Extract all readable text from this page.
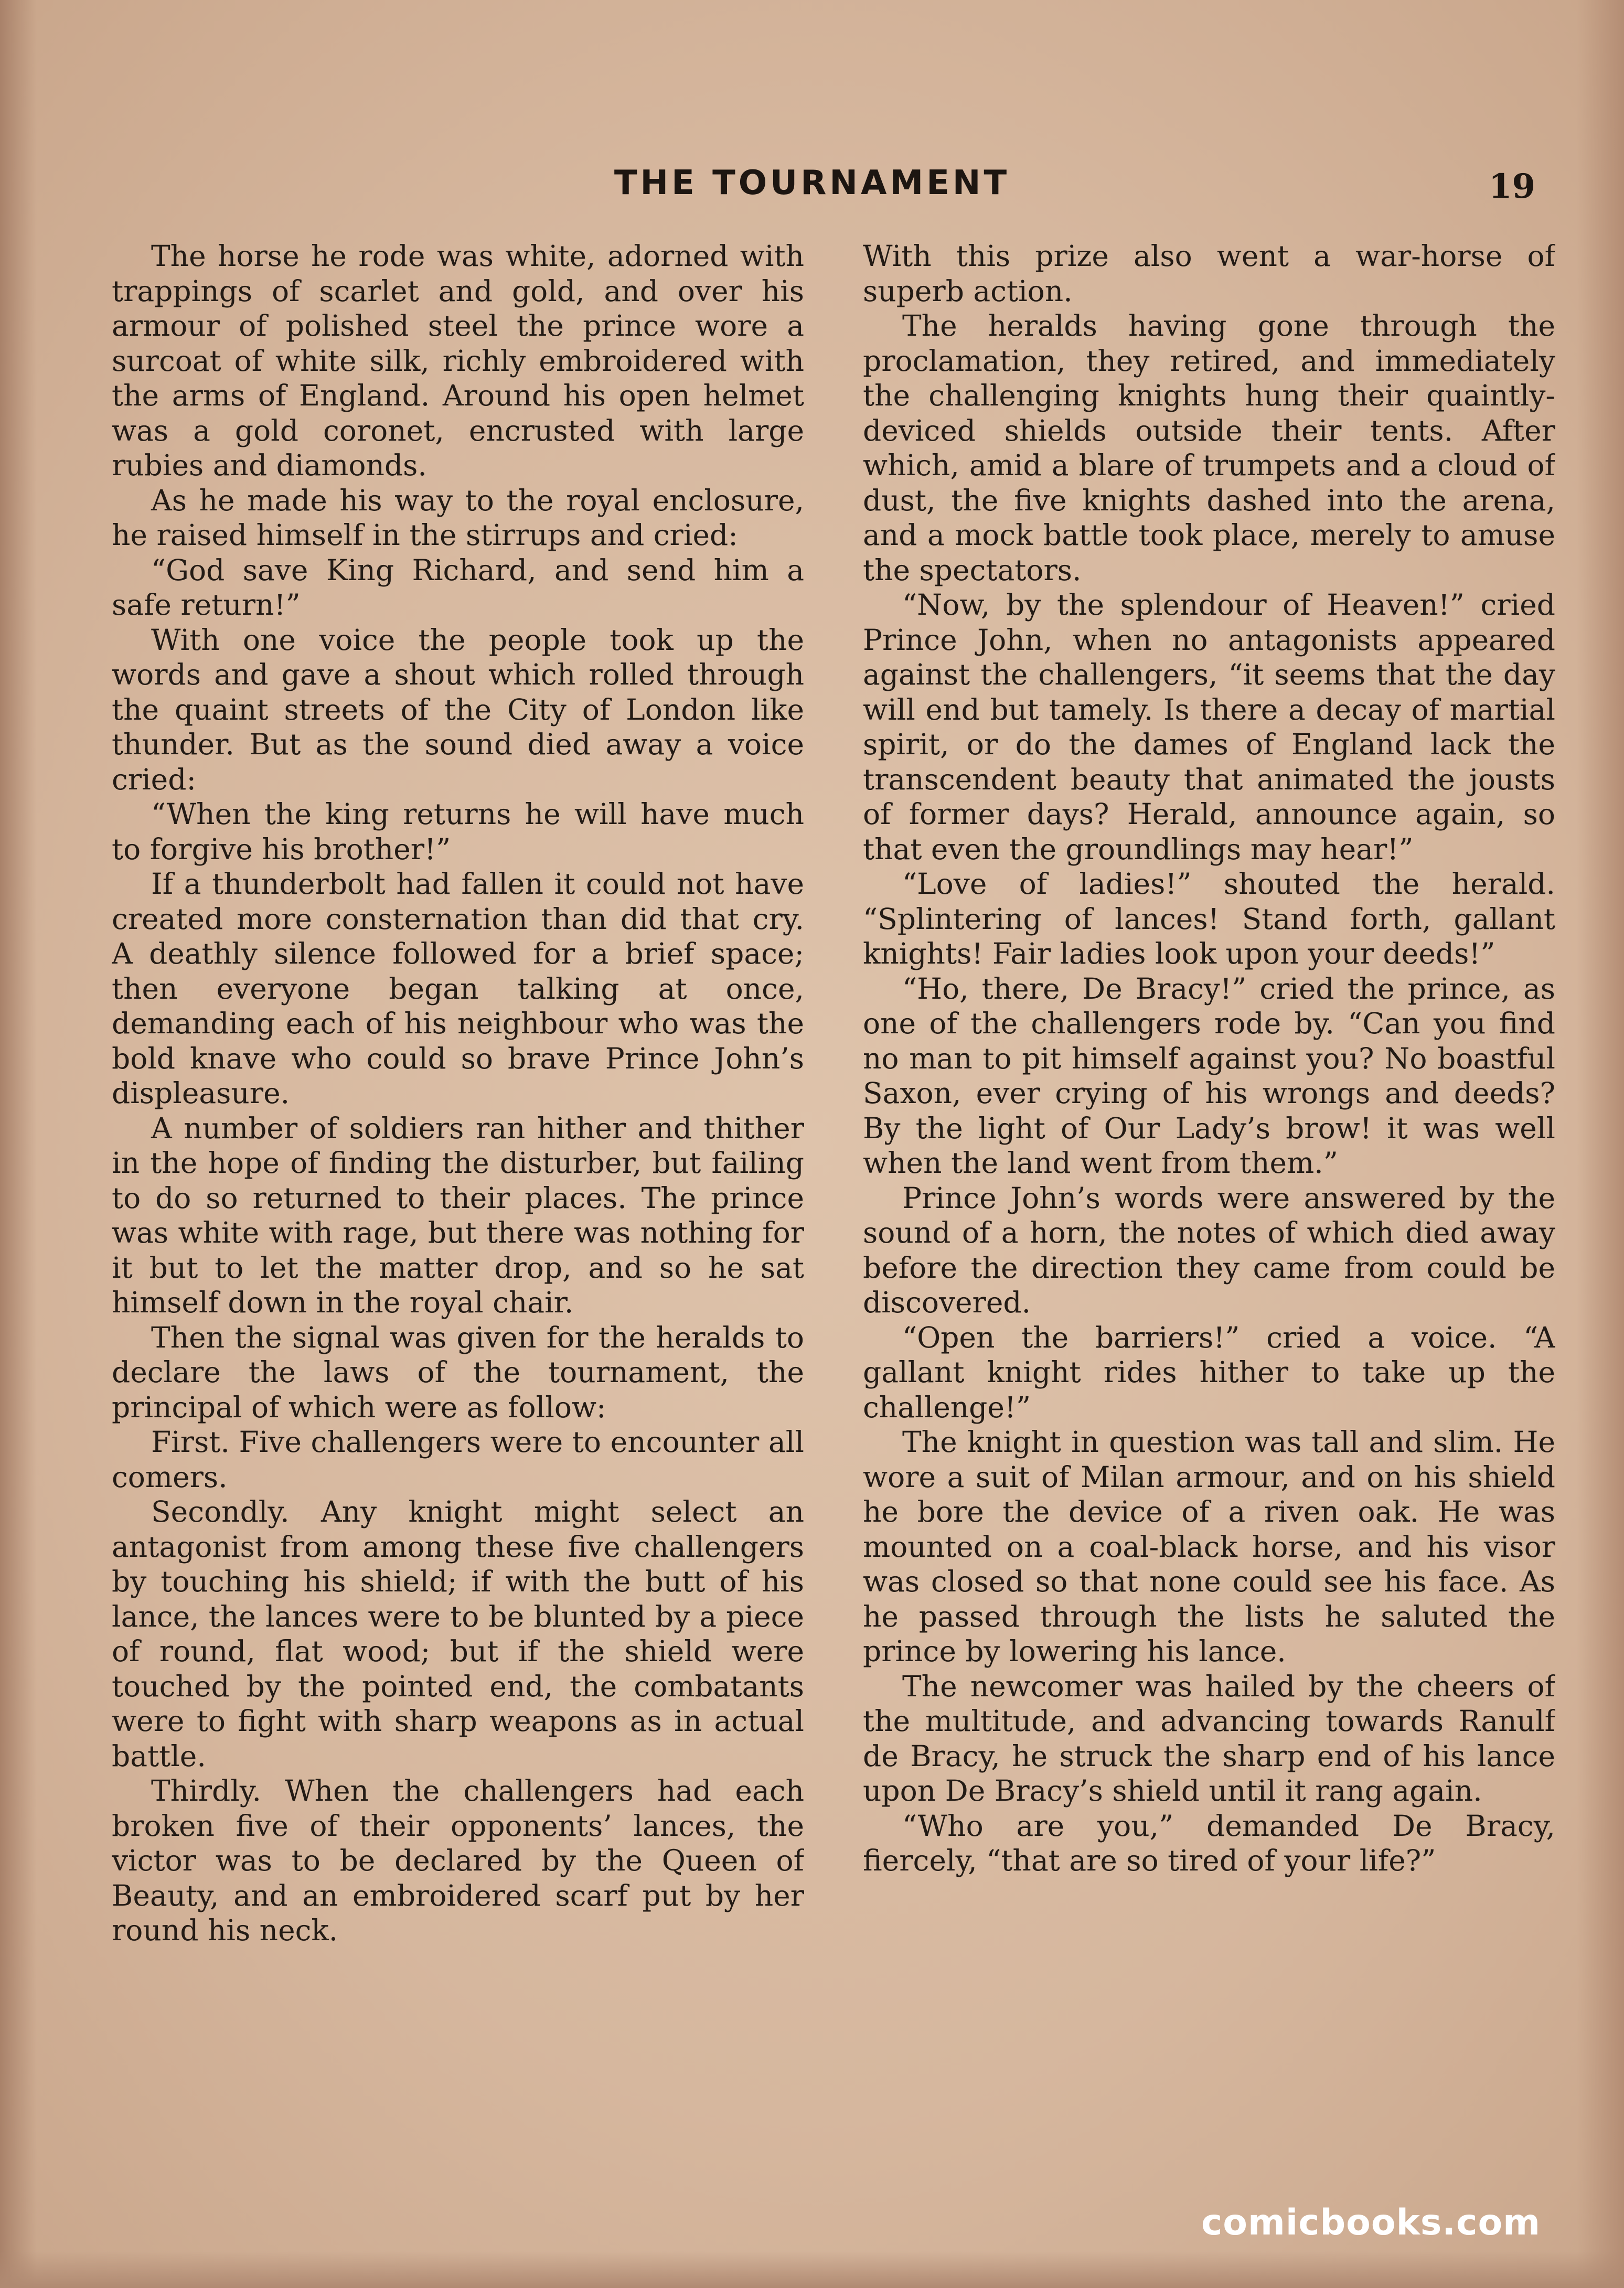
THE TOURNAMENT	19

The horse he rode was white, adorned with trappings of scarlet and gold, and over his armour of polished steel the prince wore a surcoat of white silk, richly embroidered with the arms of England. Around his open helmet was a gold coronet, encrusted with large rubies and diamonds.

As he made his way to the royal enclosure, he raised himself in the stirrups and cried:

“God save King Richard, and send him a safe return!”

With one voice the people took up the words and gave a shout which rolled through the quaint streets of the City of London like thunder. But as the sound died away a voice cried:

“When the king returns he will have much to forgive his brother!”

If a thunderbolt had fallen it could not have created more consternation than did that cry. A deathly silence followed for a brief space; then everyone began talking at once, demanding each of his neighbour who was the bold knave who could so brave Prince John’s displeasure.

A number of soldiers ran hither and thither in the hope of finding the disturber, but failing to do so returned to their places. The prince was white with rage, but there was nothing for it but to let the matter drop, and so he sat himself down in the royal chair.

Then the signal was given for the heralds to declare the laws of the tournament, the principal of which were as follow:

First. Five challengers were to encounter all comers.

Secondly. Any knight might select an antagonist from among these five challengers by touching his shield; if with the butt of his lance, the lances were to be blunted by a piece of round, flat wood; but if the shield were touched by the pointed end, the combatants were to fight with sharp weapons as in actual battle.

Thirdly. When the challengers had each broken five of their opponents’ lances, the victor was to be declared by the Queen of Beauty, and an embroidered scarf put by her round his neck.

With this prize also went a war-horse of superb action.

The heralds having gone through the proclamation, they retired, and immediately the challenging knights hung their quaintly-deviced shields outside their tents. After which, amid a blare of trumpets and a cloud of dust, the five knights dashed into the arena, and a mock battle took place, merely to amuse the spectators.

“Now, by the splendour of Heaven!” cried Prince John, when no antagonists appeared against the challengers, “it seems that the day will end but tamely. Is there a decay of martial spirit, or do the dames of England lack the transcendent beauty that animated the jousts of former days? Herald, announce again, so that even the groundlings may hear!”

“Love of ladies!” shouted the herald. “Splintering of lances! Stand forth, gallant knights! Fair ladies look upon your deeds!”

“Ho, there, De Bracy!” cried the prince, as one of the challengers rode by. “Can you find no man to pit himself against you? No boastful Saxon, ever crying of his wrongs and deeds? By the light of Our Lady’s brow! it was well when the land went from them.”

Prince John’s words were answered by the sound of a horn, the notes of which died away before the direction they came from could be discovered.

“Open the barriers!” cried a voice. “A gallant knight rides hither to take up the challenge!”

The knight in question was tall and slim. He wore a suit of Milan armour, and on his shield he bore the device of a riven oak. He was mounted on a coal-black horse, and his visor was closed so that none could see his face. As he passed through the lists he saluted the prince by lowering his lance.

The newcomer was hailed by the cheers of the multitude, and advancing towards Ranulf de Bracy, he struck the sharp end of his lance upon De Bracy’s shield until it rang again.

“Who are you,” demanded De Bracy, fiercely, “that are so tired of your life?”

comicbooks.com
